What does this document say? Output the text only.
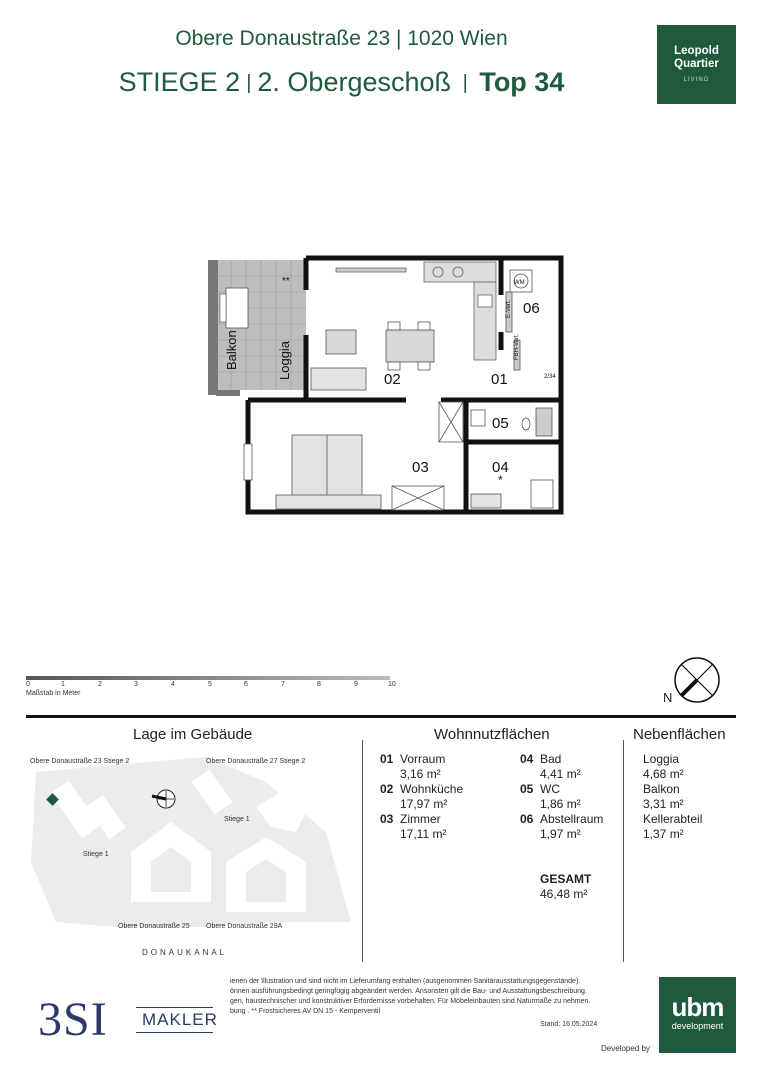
Obere Donaustraße 23 | 1020 Wien
STIEGE 2 | 2. Obergeschoß | Top 34
Leopold
Quartier
LIVING
Balkon	Loggia	02	01
06
05
03	04
WM
E-Vert.
FBH-Vert.
2/34
*
**
0	1	2	3	4	5	6	7	8	9	10
Maßstab in Meter	N
Lage im Gebäude	Wohnnutzflächen	Nebenflächen
Obere Donaustraße 23 Stiege 2	Obere Donaustraße 27 Stiege 2
Stiege 1
Stiege 1
Obere Donaustraße 25 Obere Donaustraße 29A
DONAUKANAL
01 Vorraum
3,16 m²
02 Wohnküche
17,97 m²
03 Zimmer
17,11 m²
04 Bad
4,41 m²
05 WC
1,86 m²
06 Abstellraum
1,97 m²
GESAMT
46,48 m²
Loggia
4,68 m²
Balkon
3,31 m²
Kellerabteil
1,37 m²
3SI	MAKLER
ienen der Illustration und sind nicht im Lieferumfang enthalten (ausgenommen Sanitärausstattungsgegenstände).
önnen ausführungsbedingt geringfügig abgeändert werden. Ansonsten gilt die Bau- und Ausstattungsbeschreibung.
gen, haustechnischer und konstruktiver Erfordernisse vorbehalten. Für Möbeleinbauten sind Naturmaße zu nehmen.
bung . ** Frostsicheres AV DN 15 - Kemperventil
Stand: 16.05.2024
ubm
development
Developed by
